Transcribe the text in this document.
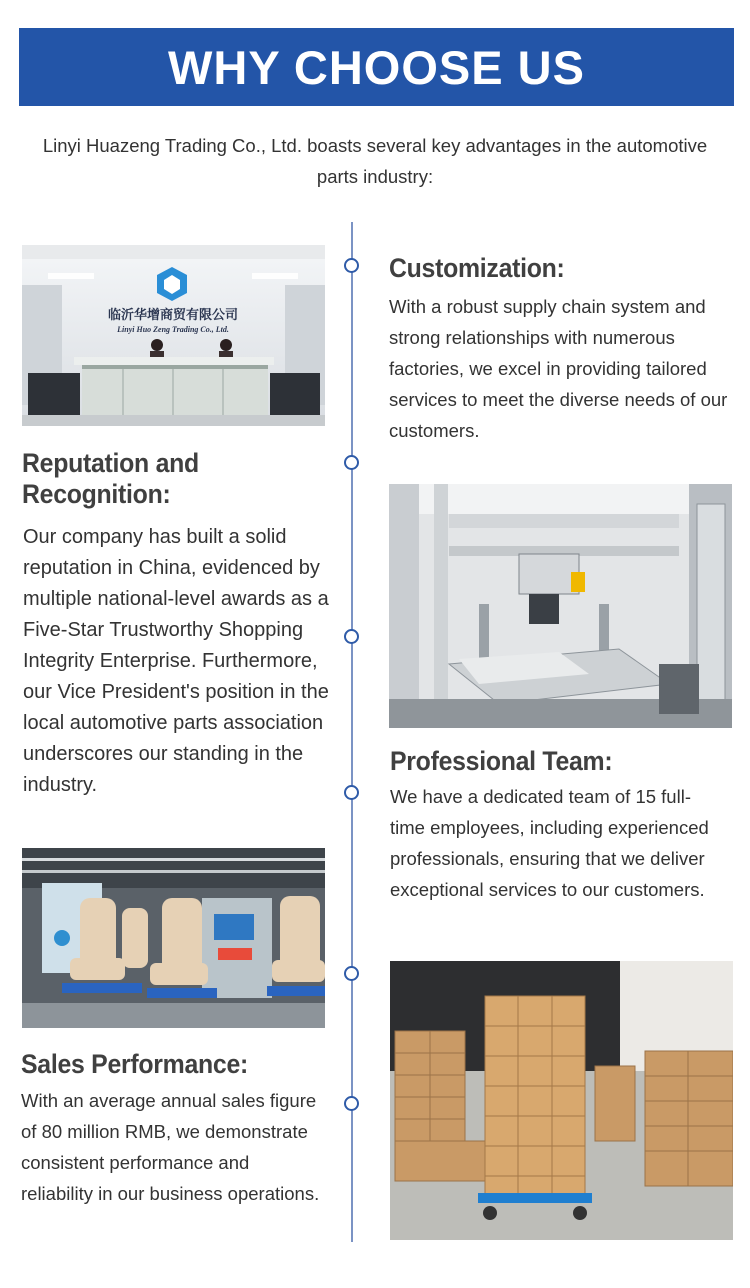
WHY CHOOSE US
Linyi Huazeng Trading Co., Ltd. boasts several key advantages in the automotive parts industry:
临沂华增商贸有限公司
Linyi Huo Zeng Trading Co., Ltd.
Customization:
With a robust supply chain system and strong relationships with numerous factories, we excel in providing tailored services to meet the diverse needs of our customers.
Reputation and
Recognition:
Our company has built a solid reputation in China, evidenced by multiple national-level awards as a Five-Star Trustworthy Shopping Integrity Enterprise. Furthermore, our Vice President's position in the local automotive parts association underscores our standing in the industry.
Professional Team:
We have a dedicated team of 15 full-time employees, including experienced professionals, ensuring that we deliver exceptional services to our customers.
Sales Performance:
With an average annual sales figure of 80 million RMB, we demonstrate consistent performance and reliability in our business operations.
